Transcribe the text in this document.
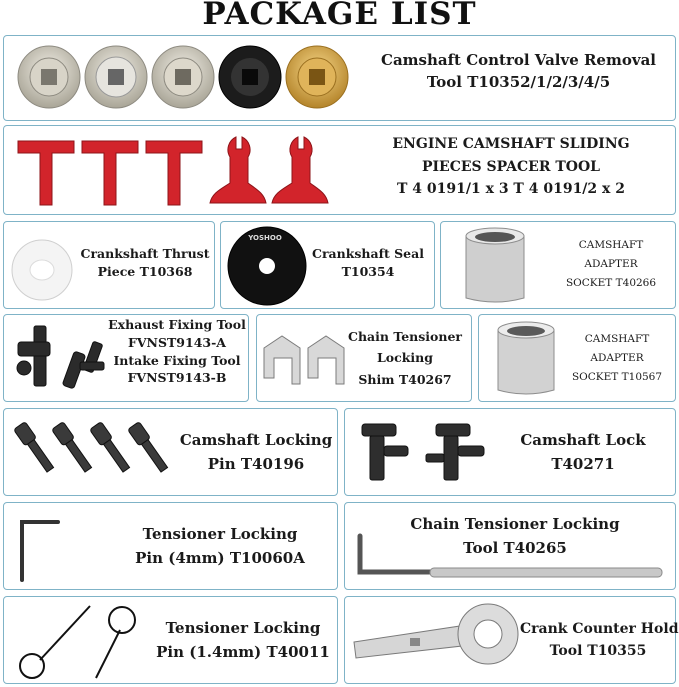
PACKAGE LIST
Camshaft Control Valve Removal
Tool T10352/1/2/3/4/5
ENGINE CAMSHAFT SLIDING
PIECES SPACER TOOL
T 4 0191/1 x 3 T 4 0191/2 x 2
Crankshaft Thrust
Piece T10368
YOSHOO
Crankshaft Seal
T10354
CAMSHAFT
ADAPTER
SOCKET T40266
Exhaust Fixing Tool
FVNST9143-A
Intake Fixing Tool
FVNST9143-B
Chain Tensioner
Locking
Shim T40267
CAMSHAFT
ADAPTER
SOCKET T10567
Camshaft Locking
Pin T40196
Camshaft Lock
T40271
Tensioner Locking
Pin (4mm) T10060A
Chain Tensioner Locking
Tool T40265
Tensioner Locking
Pin (1.4mm) T40011
Crank Counter Hold
Tool T10355
